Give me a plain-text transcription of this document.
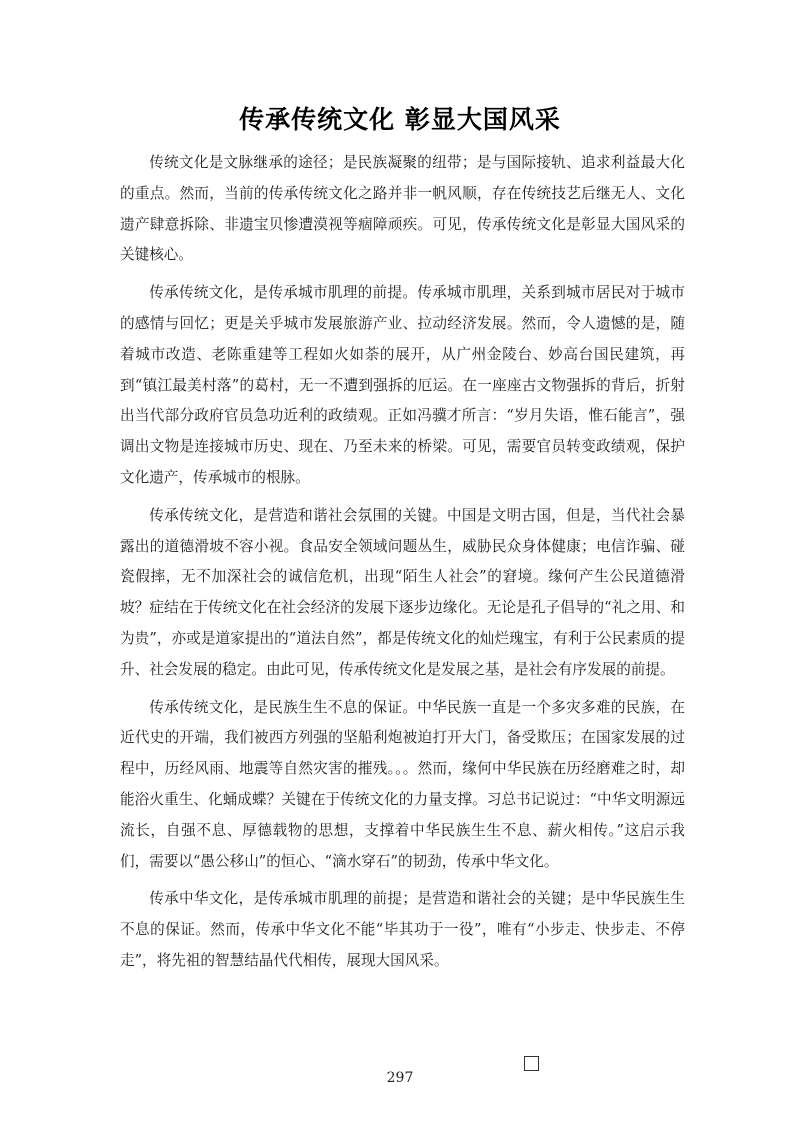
传承传统文化 彰显大国风采

传统文化是文脉继承的途径；是民族凝聚的纽带；是与国际接轨、追求利益最大化的重点。然而，当前的传承传统文化之路并非一帆风顺，存在传统技艺后继无人、文化遗产肆意拆除、非遗宝贝惨遭漠视等痼障顽疾。可见，传承传统文化是彰显大国风采的关键核心。

传承传统文化，是传承城市肌理的前提。传承城市肌理，关系到城市居民对于城市的感情与回忆；更是关乎城市发展旅游产业、拉动经济发展。然而，令人遗憾的是，随着城市改造、老陈重建等工程如火如荼的展开，从广州金陵台、妙高台国民建筑，再到“镇江最美村落”的葛村，无一不遭到强拆的厄运。在一座座古文物强拆的背后，折射出当代部分政府官员急功近利的政绩观。正如冯骥才所言：“岁月失语，惟石能言”，强调出文物是连接城市历史、现在、乃至未来的桥梁。可见，需要官员转变政绩观，保护文化遗产，传承城市的根脉。

传承传统文化，是营造和谐社会氛围的关键。中国是文明古国，但是，当代社会暴露出的道德滑坡不容小视。食品安全领域问题丛生，威胁民众身体健康；电信诈骗、碰瓷假摔，无不加深社会的诚信危机，出现“陌生人社会”的窘境。缘何产生公民道德滑坡？症结在于传统文化在社会经济的发展下逐步边缘化。无论是孔子倡导的“礼之用、和为贵”，亦或是道家提出的“道法自然”，都是传统文化的灿烂瑰宝，有利于公民素质的提升、社会发展的稳定。由此可见，传承传统文化是发展之基，是社会有序发展的前提。

传承传统文化，是民族生生不息的保证。中华民族一直是一个多灾多难的民族，在近代史的开端，我们被西方列强的坚船利炮被迫打开大门，备受欺压；在国家发展的过程中，历经风雨、地震等自然灾害的摧残。。。然而，缘何中华民族在历经磨难之时，却能浴火重生、化蛹成蝶？关键在于传统文化的力量支撑。习总书记说过：“中华文明源远流长，自强不息、厚德载物的思想，支撑着中华民族生生不息、薪火相传。”这启示我们，需要以“愚公移山”的恒心、“滴水穿石”的韧劲，传承中华文化。

传承中华文化，是传承城市肌理的前提；是营造和谐社会的关键；是中华民族生生不息的保证。然而，传承中华文化不能“毕其功于一役”，唯有“小步走、快步走、不停走”，将先祖的智慧结晶代代相传，展现大国风采。

297
